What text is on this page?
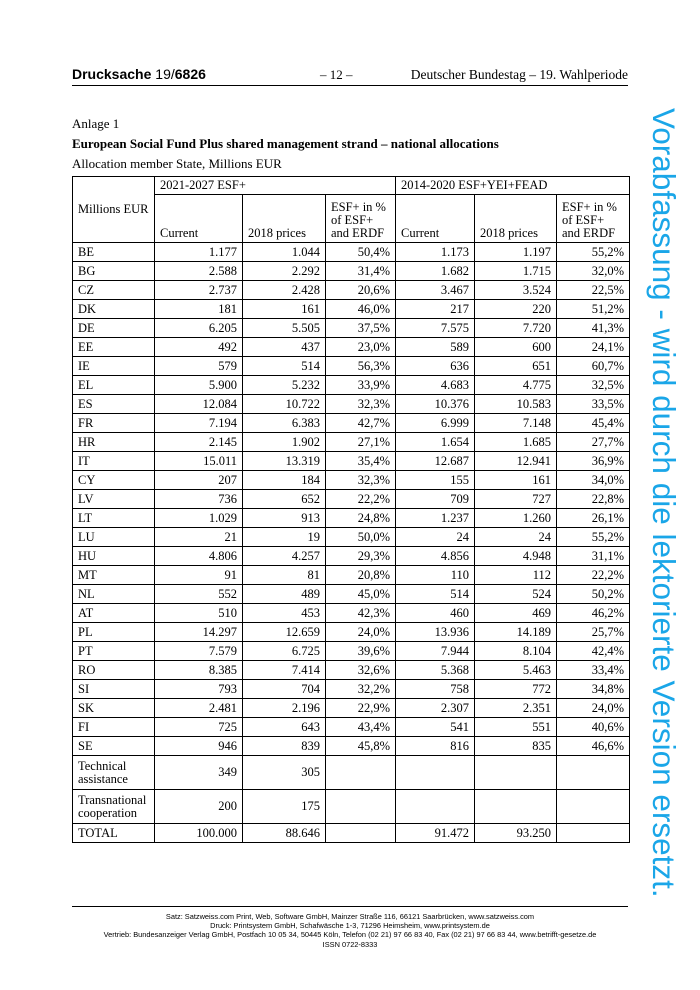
Drucksache 19/6826	– 12 –	Deutscher Bundestag – 19. Wahlperiode
Anlage 1
European Social Fund Plus shared management strand – national allocations
Allocation member State, Millions EUR
Millions EUR	2021-2027 ESF+			2014-2020 ESF+YEI+FEAD		
	Current	2018 prices	ESF+ in % of ESF+ and ERDF	Current	2018 prices	ESF+ in % of ESF+ and ERDF
BE	1.177	1.044	50,4%	1.173	1.197	55,2%
BG	2.588	2.292	31,4%	1.682	1.715	32,0%
CZ	2.737	2.428	20,6%	3.467	3.524	22,5%
DK	181	161	46,0%	217	220	51,2%
DE	6.205	5.505	37,5%	7.575	7.720	41,3%
EE	492	437	23,0%	589	600	24,1%
IE	579	514	56,3%	636	651	60,7%
EL	5.900	5.232	33,9%	4.683	4.775	32,5%
ES	12.084	10.722	32,3%	10.376	10.583	33,5%
FR	7.194	6.383	42,7%	6.999	7.148	45,4%
HR	2.145	1.902	27,1%	1.654	1.685	27,7%
IT	15.011	13.319	35,4%	12.687	12.941	36,9%
CY	207	184	32,3%	155	161	34,0%
LV	736	652	22,2%	709	727	22,8%
LT	1.029	913	24,8%	1.237	1.260	26,1%
LU	21	19	50,0%	24	24	55,2%
HU	4.806	4.257	29,3%	4.856	4.948	31,1%
MT	91	81	20,8%	110	112	22,2%
NL	552	489	45,0%	514	524	50,2%
AT	510	453	42,3%	460	469	46,2%
PL	14.297	12.659	24,0%	13.936	14.189	25,7%
PT	7.579	6.725	39,6%	7.944	8.104	42,4%
RO	8.385	7.414	32,6%	5.368	5.463	33,4%
SI	793	704	32,2%	758	772	34,8%
SK	2.481	2.196	22,9%	2.307	2.351	24,0%
FI	725	643	43,4%	541	551	40,6%
SE	946	839	45,8%	816	835	46,6%
Technical assistance	349	305				
Transnational cooperation	200	175				
TOTAL	100.000	88.646		91.472	93.250	
Satz: Satzweiss.com Print, Web, Software GmbH, Mainzer Straße 116, 66121 Saarbrücken, www.satzweiss.com
Druck: Printsystem GmbH, Schafwäsche 1-3, 71296 Heimsheim, www.printsystem.de
Vertrieb: Bundesanzeiger Verlag GmbH, Postfach 10 05 34, 50445 Köln, Telefon (02 21) 97 66 83 40, Fax (02 21) 97 66 83 44, www.betrifft-gesetze.de
ISSN 0722-8333
Vorabfassung - wird durch die lektorierte Version ersetzt.
